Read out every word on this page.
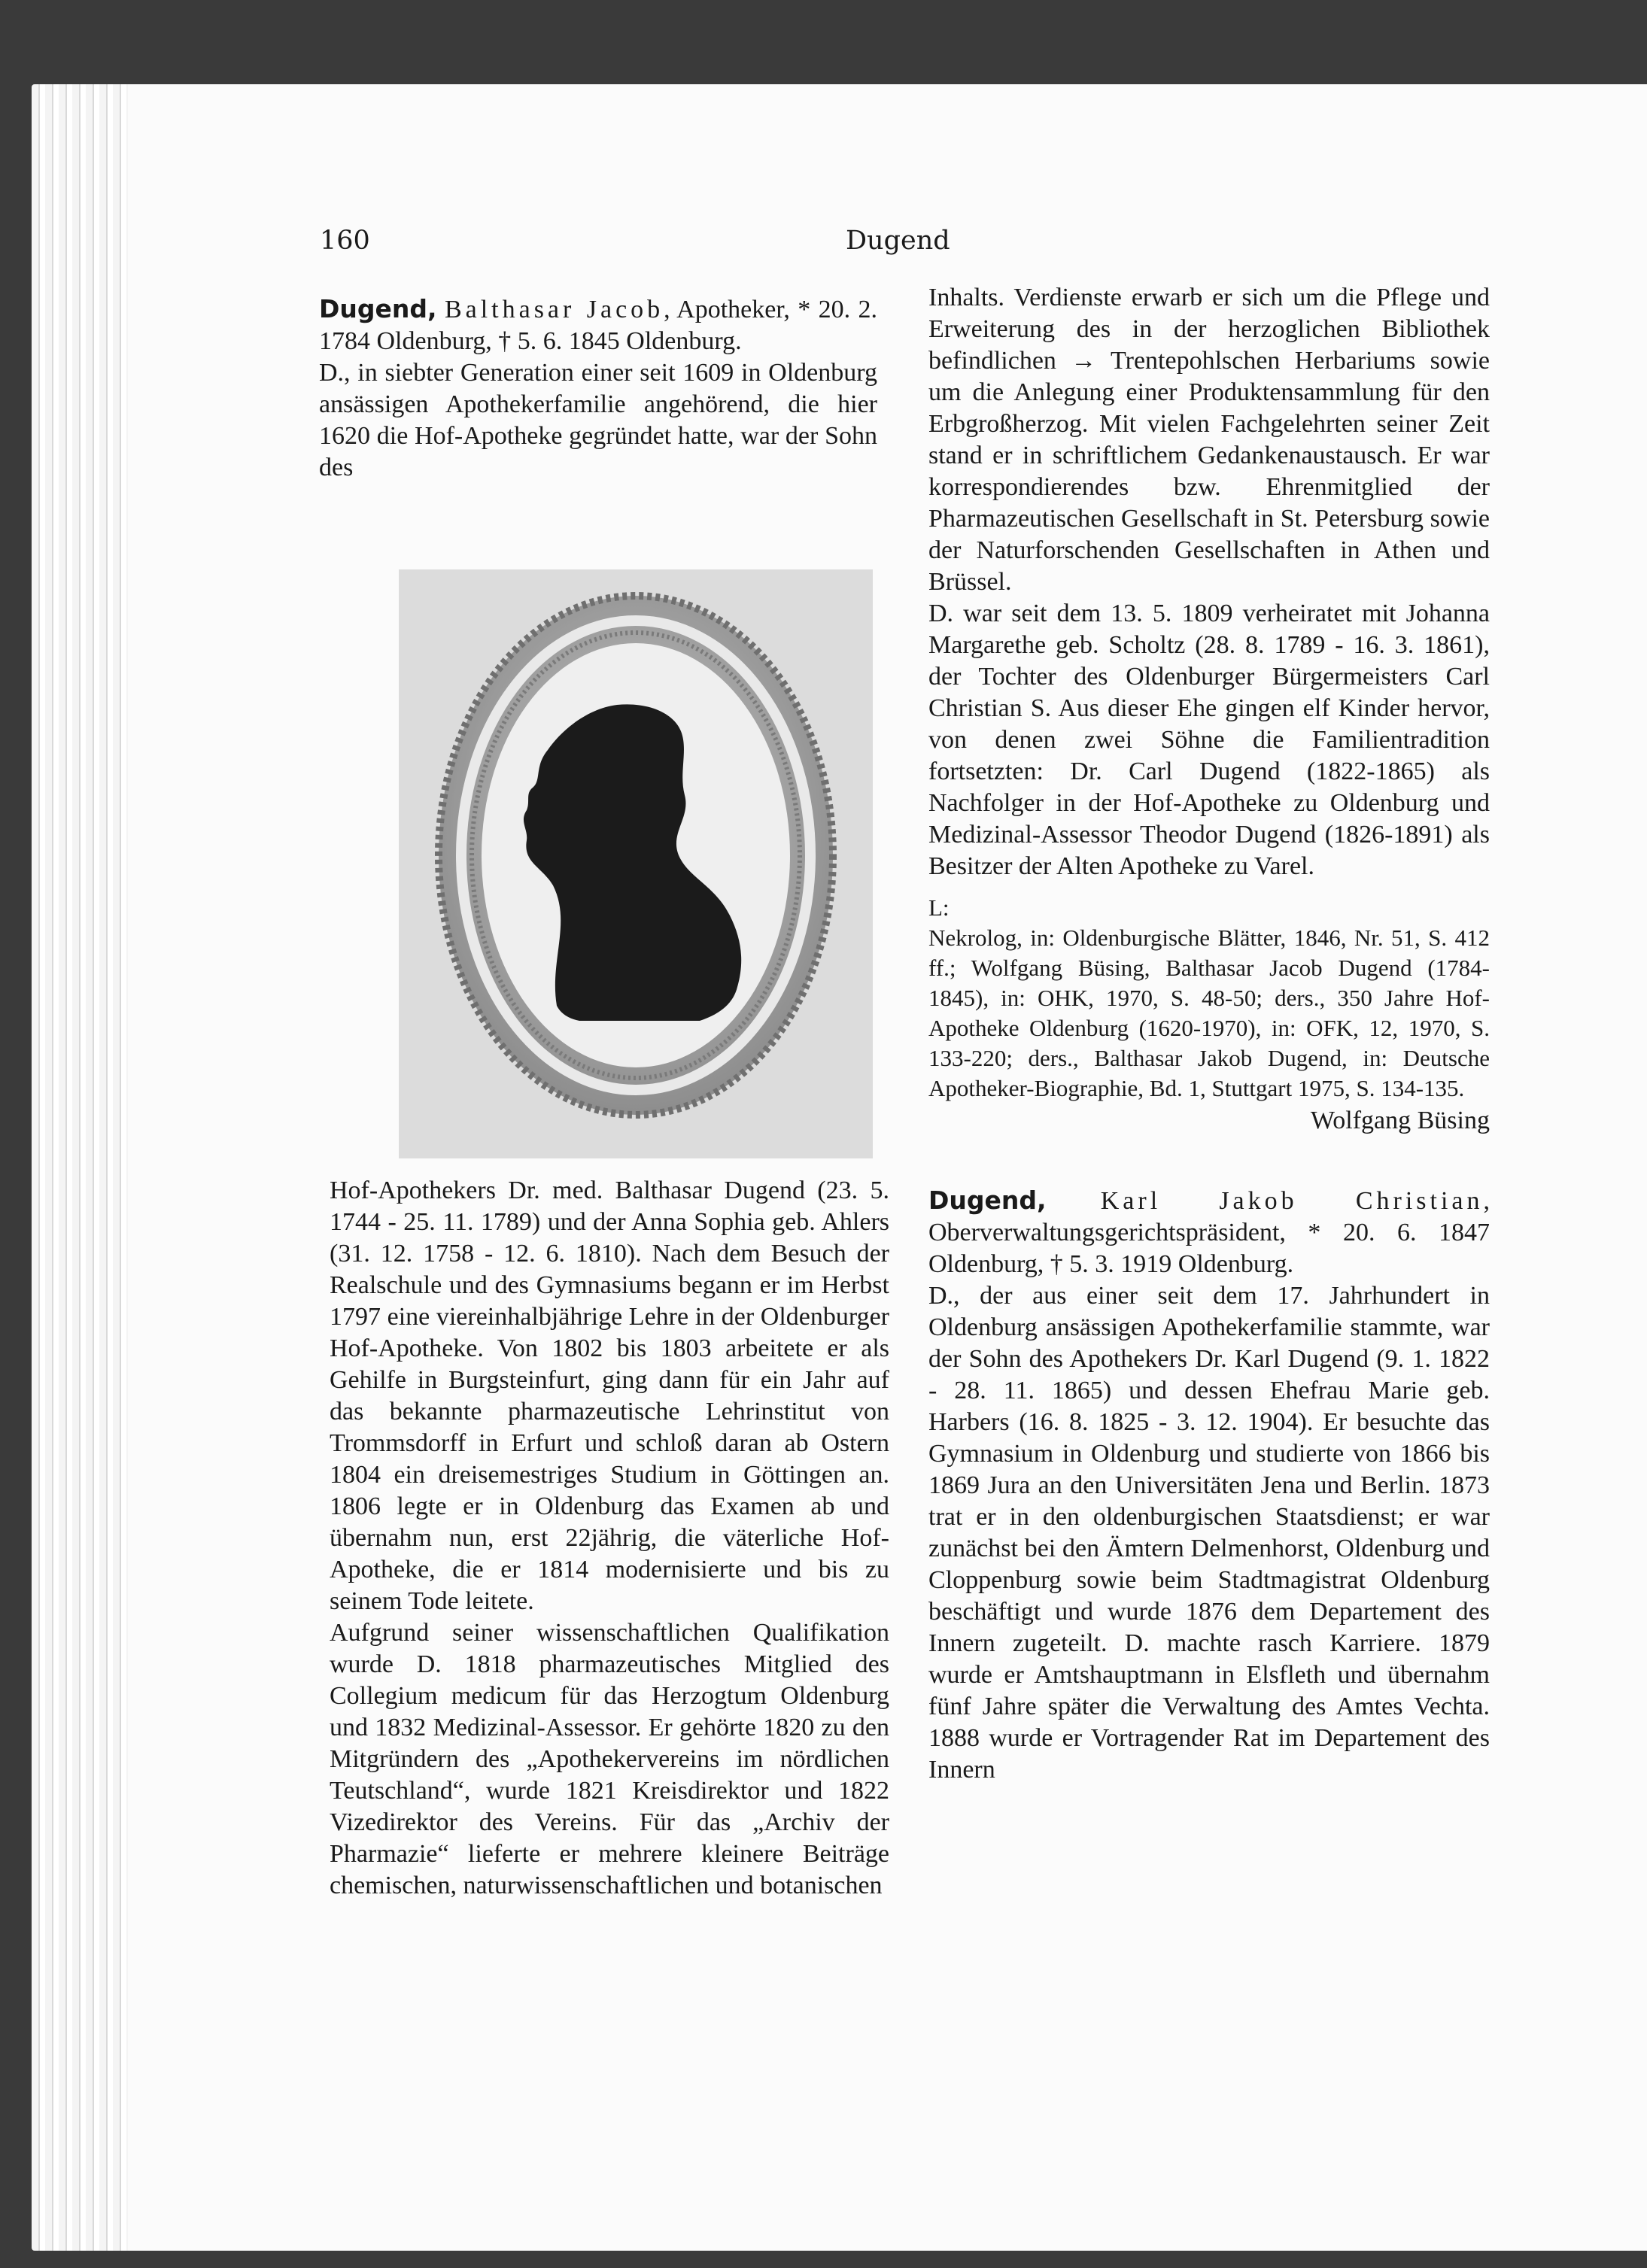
160	Dugend

Dugend, Balthasar Jacob, Apotheker, * 20. 2. 1784 Oldenburg, † 5. 6. 1845 Oldenburg.

D., in siebter Generation einer seit 1609 in Oldenburg ansässigen Apothekerfamilie angehörend, die hier 1620 die Hof-Apotheke gegründet hatte, war der Sohn des

Hof-Apothekers Dr. med. Balthasar Dugend (23. 5. 1744 - 25. 11. 1789) und der Anna Sophia geb. Ahlers (31. 12. 1758 - 12. 6. 1810). Nach dem Besuch der Realschule und des Gymnasiums begann er im Herbst 1797 eine viereinhalbjährige Lehre in der Oldenburger Hof-Apotheke. Von 1802 bis 1803 arbeitete er als Gehilfe in Burgsteinfurt, ging dann für ein Jahr auf das bekannte pharmazeutische Lehrinstitut von Trommsdorff in Erfurt und schloß daran ab Ostern 1804 ein dreisemestriges Studium in Göttingen an. 1806 legte er in Oldenburg das Examen ab und übernahm nun, erst 22jährig, die väterliche Hof-Apotheke, die er 1814 modernisierte und bis zu seinem Tode leitete.

Aufgrund seiner wissenschaftlichen Qualifikation wurde D. 1818 pharmazeutisches Mitglied des Collegium medicum für das Herzogtum Oldenburg und 1832 Medizinal-Assessor. Er gehörte 1820 zu den Mitgründern des „Apothekervereins im nördlichen Teutschland“, wurde 1821 Kreisdirektor und 1822 Vizedirektor des Vereins. Für das „Archiv der Pharmazie“ lieferte er mehrere kleinere Beiträge chemischen, naturwissenschaftlichen und botanischen

Inhalts. Verdienste erwarb er sich um die Pflege und Erweiterung des in der herzoglichen Bibliothek befindlichen → Trentepohlschen Herbariums sowie um die Anlegung einer Produktensammlung für den Erbgroßherzog. Mit vielen Fachgelehrten seiner Zeit stand er in schriftlichem Gedankenaustausch. Er war korrespondierendes bzw. Ehrenmitglied der Pharmazeutischen Gesellschaft in St. Petersburg sowie der Naturforschenden Gesellschaften in Athen und Brüssel.

D. war seit dem 13. 5. 1809 verheiratet mit Johanna Margarethe geb. Scholtz (28. 8. 1789 - 16. 3. 1861), der Tochter des Oldenburger Bürgermeisters Carl Christian S. Aus dieser Ehe gingen elf Kinder hervor, von denen zwei Söhne die Familientradition fortsetzten: Dr. Carl Dugend (1822-1865) als Nachfolger in der Hof-Apotheke zu Oldenburg und Medizinal-Assessor Theodor Dugend (1826-1891) als Besitzer der Alten Apotheke zu Varel.

L:

Nekrolog, in: Oldenburgische Blätter, 1846, Nr. 51, S. 412 ff.; Wolfgang Büsing, Balthasar Jacob Dugend (1784-1845), in: OHK, 1970, S. 48-50; ders., 350 Jahre Hof-Apotheke Oldenburg (1620-1970), in: OFK, 12, 1970, S. 133-220; ders., Balthasar Jakob Dugend, in: Deutsche Apotheker-Biographie, Bd. 1, Stuttgart 1975, S. 134-135.

Wolfgang Büsing

Dugend, Karl Jakob Christian, Oberverwaltungsgerichtspräsident, * 20. 6. 1847 Oldenburg, † 5. 3. 1919 Oldenburg.

D., der aus einer seit dem 17. Jahrhundert in Oldenburg ansässigen Apothekerfamilie stammte, war der Sohn des Apothekers Dr. Karl Dugend (9. 1. 1822 - 28. 11. 1865) und dessen Ehefrau Marie geb. Harbers (16. 8. 1825 - 3. 12. 1904). Er besuchte das Gymnasium in Oldenburg und studierte von 1866 bis 1869 Jura an den Universitäten Jena und Berlin. 1873 trat er in den oldenburgischen Staatsdienst; er war zunächst bei den Ämtern Delmenhorst, Oldenburg und Cloppenburg sowie beim Stadtmagistrat Oldenburg beschäftigt und wurde 1876 dem Departement des Innern zugeteilt. D. machte rasch Karriere. 1879 wurde er Amtshauptmann in Elsfleth und übernahm fünf Jahre später die Verwaltung des Amtes Vechta. 1888 wurde er Vortragender Rat im Departement des Innern
